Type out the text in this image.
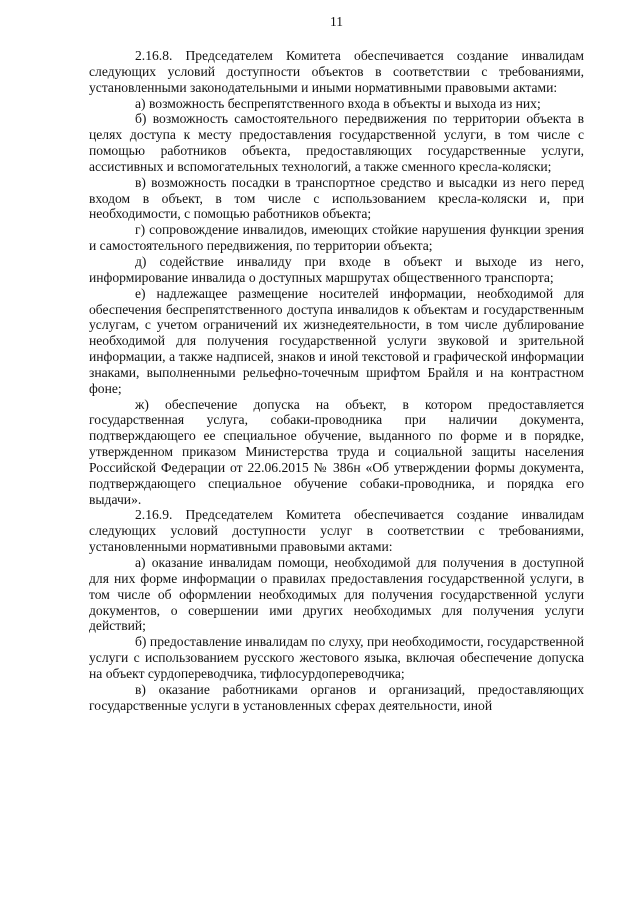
11

2.16.8. Председателем Комитета обеспечивается создание инвалидам следующих условий доступности объектов в соответствии с требованиями, установленными законодательными и иными нормативными правовыми актами:

а) возможность беспрепятственного входа в объекты и выхода из них;

б) возможность самостоятельного передвижения по территории объекта в целях доступа к месту предоставления государственной услуги, в том числе с помощью работников объекта, предоставляющих государственные услуги, ассистивных и вспомогательных технологий, а также сменного кресла-коляски;

в) возможность посадки в транспортное средство и высадки из него перед входом в объект, в том числе с использованием кресла-коляски и, при необходимости, с помощью работников объекта;

г) сопровождение инвалидов, имеющих стойкие нарушения функции зрения и самостоятельного передвижения, по территории объекта;

д) содействие инвалиду при входе в объект и выходе из него, информирование инвалида о доступных маршрутах общественного транспорта;

е) надлежащее размещение носителей информации, необходимой для обеспечения беспрепятственного доступа инвалидов к объектам и государственным услугам, с учетом ограничений их жизнедеятельности, в том числе дублирование необходимой для получения государственной услуги звуковой и зрительной информации, а также надписей, знаков и иной текстовой и графической информации знаками, выполненными рельефно-точечным шрифтом Брайля и на контрастном фоне;

ж) обеспечение допуска на объект, в котором предоставляется государственная услуга, собаки-проводника при наличии документа, подтверждающего ее специальное обучение, выданного по форме и в порядке, утвержденном приказом Министерства труда и социальной защиты населения Российской Федерации от 22.06.2015 № 386н «Об утверждении формы документа, подтверждающего специальное обучение собаки-проводника, и порядка его выдачи».

2.16.9. Председателем Комитета обеспечивается создание инвалидам следующих условий доступности услуг в соответствии с требованиями, установленными нормативными правовыми актами:

а) оказание инвалидам помощи, необходимой для получения в доступной для них форме информации о правилах предоставления государственной услуги, в том числе об оформлении необходимых для получения государственной услуги документов, о совершении ими других необходимых для получения услуги действий;

б) предоставление инвалидам по слуху, при необходимости, государственной услуги с использованием русского жестового языка, включая обеспечение допуска на объект сурдопереводчика, тифлосурдопереводчика;

в) оказание работниками органов и организаций, предоставляющих государственные услуги в установленных сферах деятельности, иной
